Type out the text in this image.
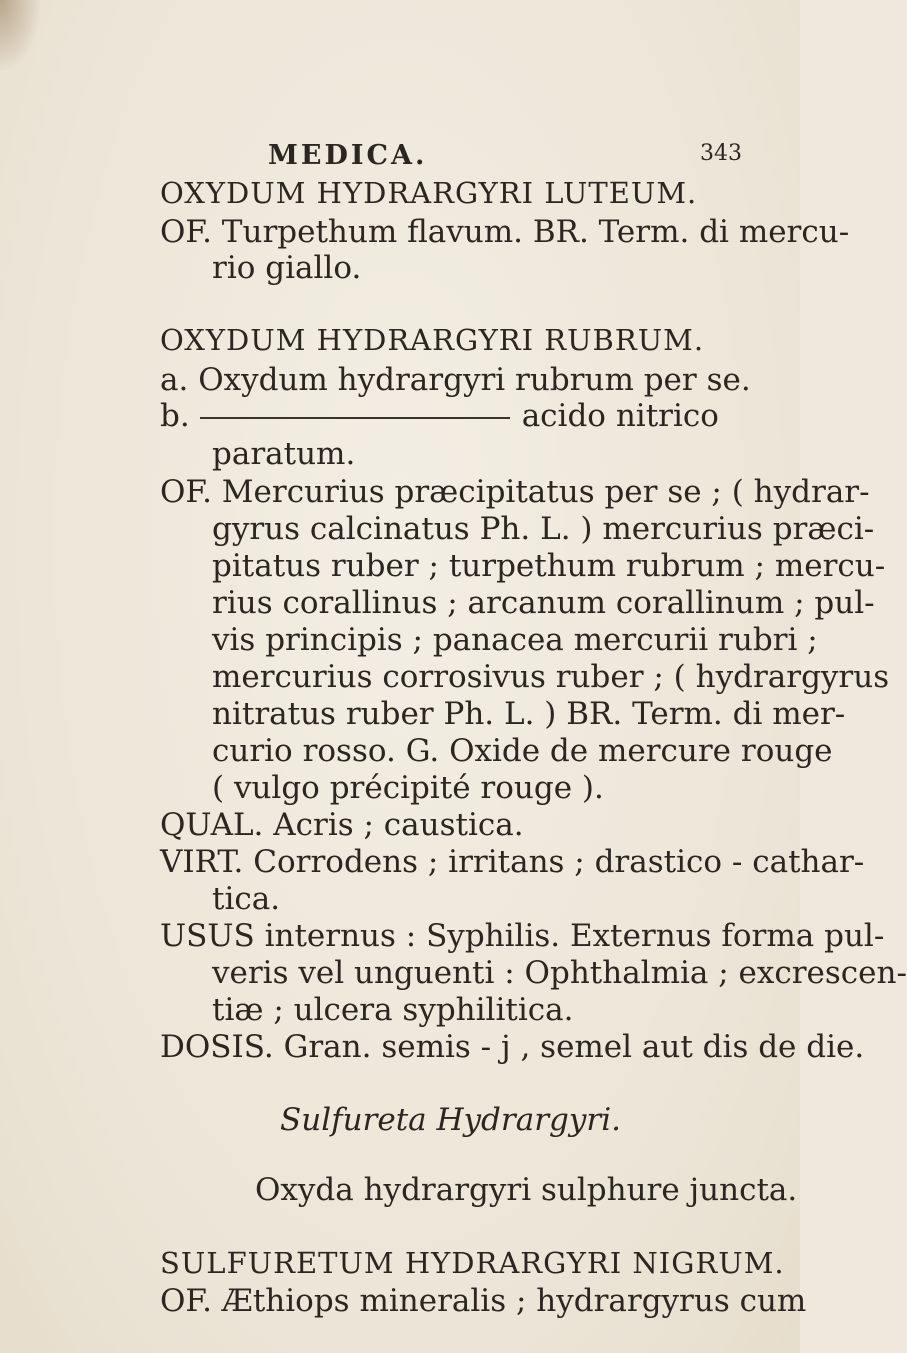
MEDICA.	343
OXYDUM HYDRARGYRI LUTEUM.
OF. Turpethum flavum. BR. Term. di mercu-
rio giallo.
OXYDUM HYDRARGYRI RUBRUM.
a. Oxydum hydrargyri rubrum per se.
b.	acido nitrico
paratum.
OF. Mercurius præcipitatus per se ; ( hydrar-
gyrus calcinatus Ph. L. ) mercurius præci-
pitatus ruber ; turpethum rubrum ; mercu-
rius corallinus ; arcanum corallinum ; pul-
vis principis ; panacea mercurii rubri ;
mercurius corrosivus ruber ; ( hydrargyrus
nitratus ruber Ph. L. ) BR. Term. di mer-
curio rosso. G. Oxide de mercure rouge
( vulgo précipité rouge ).
QUAL. Acris ; caustica.
VIRT. Corrodens ; irritans ; drastico - cathar-
tica.
USUS internus : Syphilis. Externus forma pul-
veris vel unguenti : Ophthalmia ; excrescen-
tiæ ; ulcera syphilitica.
DOSIS. Gran. semis - j , semel aut dis de die.
Sulfureta Hydrargyri.
Oxyda hydrargyri sulphure juncta.
SULFURETUM HYDRARGYRI NIGRUM.
OF. Æthiops mineralis ; hydrargyrus cum
